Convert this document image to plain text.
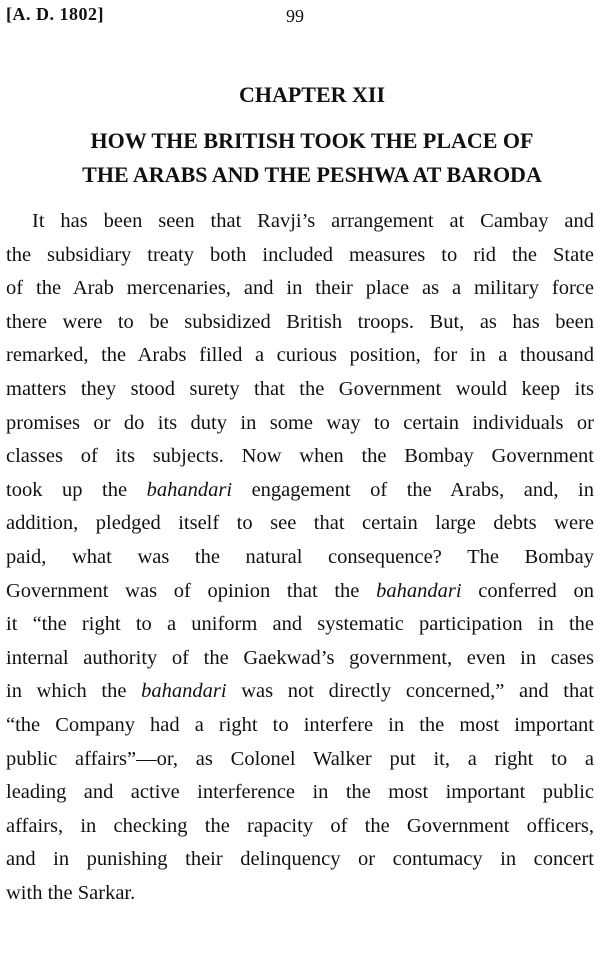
[A. D. 1802]	99
CHAPTER XII
HOW THE BRITISH TOOK THE PLACE OF
THE ARABS AND THE PESHWA AT BARODA
It has been seen that Ravji’s arrangement at Cambay and
the subsidiary treaty both included measures to rid the State
of the Arab mercenaries, and in their place as a military force
there were to be subsidized British troops. But, as has been
remarked, the Arabs filled a curious position, for in a thousand
matters they stood surety that the Government would keep its
promises or do its duty in some way to certain individuals or
classes of its subjects. Now when the Bombay Government
took up the bahandari engagement of the Arabs, and, in
addition, pledged itself to see that certain large debts were
paid, what was the natural consequence? The Bombay
Government was of opinion that the bahandari conferred on
it “the right to a uniform and systematic participation in the
internal authority of the Gaekwad’s government, even in cases
in which the bahandari was not directly concerned,” and that
“the Company had a right to interfere in the most important
public affairs”—or, as Colonel Walker put it, a right to a
leading and active interference in the most important public
affairs, in checking the rapacity of the Government officers,
and in punishing their delinquency or contumacy in concert
with the Sarkar.
